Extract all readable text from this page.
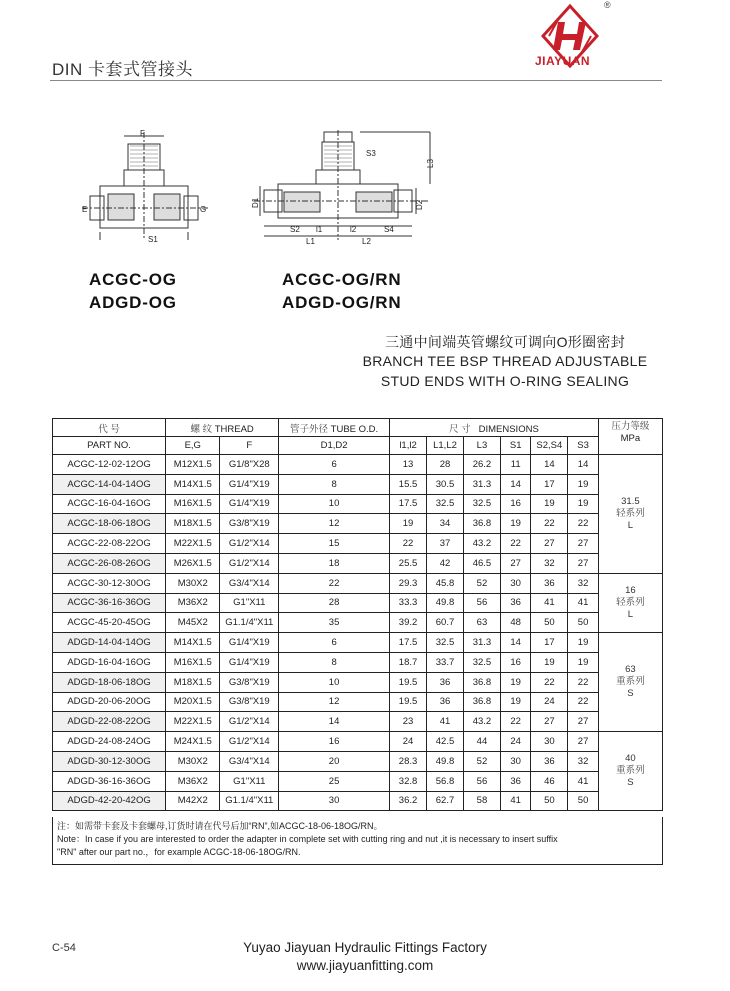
DIN 卡套式管接头
®
JIAYUAN
F
E	G
S1
S3
L3
D1	D2
S2 l1	l2	S4
L1	L2
ACGC-OG
ADGD-OG
ACGC-OG/RN
ADGD-OG/RN
三通中间端英管螺纹可调向O形圈密封
BRANCH TEE BSP THREAD ADJUSTABLE
STUD ENDS WITH O-RING SEALING
代 号	螺 纹 THREAD		管子外径 TUBE O.D.	尺 寸 DIMENSIONS						压力等级
MPa
PART NO.	E,G	F	D1,D2	l1,l2	L1,L2	L3	S1	S2,S4	S3	
ACGC-12-02-12OG	M12X1.5	G1/8"X28	6	13	28	26.2	11	14	14	31.5
轻系列
L

ACGC-14-04-14OG	M14X1.5	G1/4"X19	8	15.5	30.5	31.3	14	17	19	
ACGC-16-04-16OG	M16X1.5	G1/4"X19	10	17.5	32.5	32.5	16	19	19	
ACGC-18-06-18OG	M18X1.5	G3/8"X19	12	19	34	36.8	19	22	22	
ACGC-22-08-22OG	M22X1.5	G1/2"X14	15	22	37	43.2	22	27	27	
ACGC-26-08-26OG	M26X1.5	G1/2"X14	18	25.5	42	46.5	27	32	27	
ACGC-30-12-30OG	M30X2	G3/4"X14	22	29.3	45.8	52	30	36	32	16
轻系列
L

ACGC-36-16-36OG	M36X2	G1"X11	28	33.3	49.8	56	36	41	41	
ACGC-45-20-45OG	M45X2	G1.1/4"X11	35	39.2	60.7	63	48	50	50	
ADGD-14-04-14OG	M14X1.5	G1/4"X19	6	17.5	32.5	31.3	14	17	19	63
重系列
S

ADGD-16-04-16OG	M16X1.5	G1/4"X19	8	18.7	33.7	32.5	16	19	19	
ADGD-18-06-18OG	M18X1.5	G3/8"X19	10	19.5	36	36.8	19	22	22	
ADGD-20-06-20OG	M20X1.5	G3/8"X19	12	19.5	36	36.8	19	24	22	
ADGD-22-08-22OG	M22X1.5	G1/2"X14	14	23	41	43.2	22	27	27	
ADGD-24-08-24OG	M24X1.5	G1/2"X14	16	24	42.5	44	24	30	27	40
重系列
S

ADGD-30-12-30OG	M30X2	G3/4"X14	20	28.3	49.8	52	30	36	32	
ADGD-36-16-36OG	M36X2	G1"X11	25	32.8	56.8	56	36	46	41	
ADGD-42-20-42OG	M42X2	G1.1/4"X11	30	36.2	62.7	58	41	50	50	
注：如需带卡套及卡套螺母,订货时请在代号后加“RN”,如ACGC-18-06-18OG/RN。
Note：In case if you are interested to order the adapter in complete set with cutting ring and nut ,it is necessary to insert suffix
"RN" after our part no.，for example ACGC-18-06-18OG/RN.
C-54	Yuyao Jiayuan Hydraulic Fittings Factory
www.jiayuanfitting.com
